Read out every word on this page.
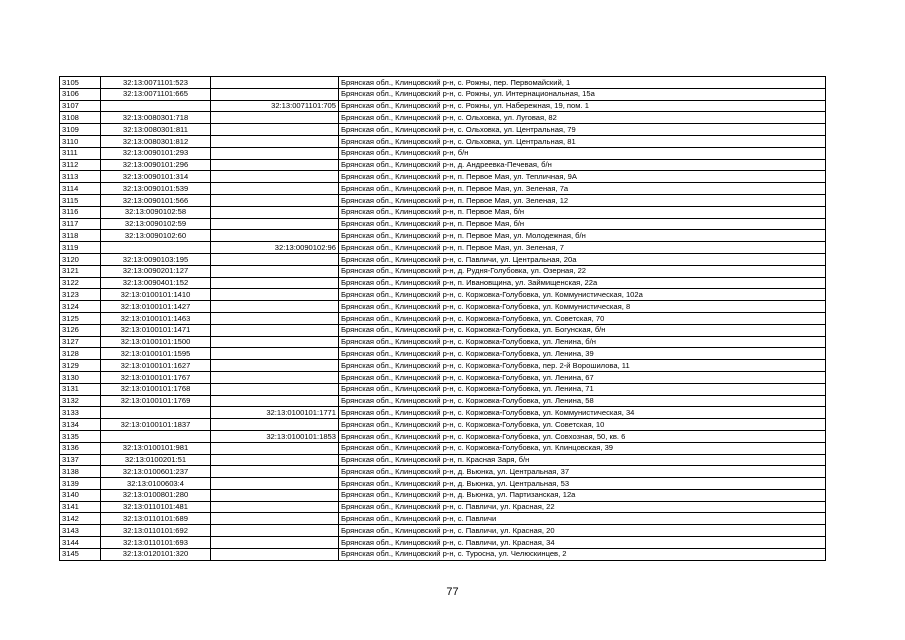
3105	32:13:0071101:523		Брянская обл., Клинцовский р-н, с. Рожны, пер. Первомайский, 1
3106	32:13:0071101:665		Брянская обл., Клинцовский р-н, с. Рожны, ул. Интернациональная, 15а
3107		32:13:0071101:705	Брянская обл., Клинцовский р-н, с. Рожны, ул. Набережная, 19, пом. 1
3108	32:13:0080301:718		Брянская обл., Клинцовский р-н, с. Ольховка, ул. Луговая, 82
3109	32:13:0080301:811		Брянская обл., Клинцовский р-н, с. Ольховка, ул. Центральная, 79
3110	32:13:0080301:812		Брянская обл., Клинцовский р-н, с. Ольховка, ул. Центральная, 81
3111	32:13:0090101:293		Брянская обл., Клинцовский р-н, б/н
3112	32:13:0090101:296		Брянская обл., Клинцовский р-н, д. Андреевка-Печевая, б/н
3113	32:13:0090101:314		Брянская обл., Клинцовский р-н, п. Первое Мая, ул. Тепличная, 9А
3114	32:13:0090101:539		Брянская обл., Клинцовский р-н, п. Первое Мая, ул. Зеленая, 7а
3115	32:13:0090101:566		Брянская обл., Клинцовский р-н, п. Первое Мая, ул. Зеленая, 12
3116	32:13:0090102:58		Брянская обл., Клинцовский р-н, п. Первое Мая, б/н
3117	32:13:0090102:59		Брянская обл., Клинцовский р-н, п. Первое Мая, б/н
3118	32:13:0090102:60		Брянская обл., Клинцовский р-н, п. Первое Мая, ул. Молодежная, б/н
3119		32:13:0090102:96	Брянская обл., Клинцовский р-н, п. Первое Мая, ул. Зеленая, 7
3120	32:13:0090103:195		Брянская обл., Клинцовский р-н, с. Павличи, ул. Центральная, 20а
3121	32:13:0090201:127		Брянская обл., Клинцовский р-н, д. Рудня-Голубовка, ул. Озерная, 22
3122	32:13:0090401:152		Брянская обл., Клинцовский р-н, п. Ивановщина, ул. Займищенская, 22а
3123	32:13:0100101:1410		Брянская обл., Клинцовский р-н, с. Коржовка-Голубовка, ул. Коммунистическая, 102а
3124	32:13:0100101:1427		Брянская обл., Клинцовский р-н, с. Коржовка-Голубовка, ул. Коммунистическая, 8
3125	32:13:0100101:1463		Брянская обл., Клинцовский р-н, с. Коржовка-Голубовка, ул. Советская, 70
3126	32:13:0100101:1471		Брянская обл., Клинцовский р-н, с. Коржовка-Голубовка, ул. Богунская, б/н
3127	32:13:0100101:1500		Брянская обл., Клинцовский р-н, с. Коржовка-Голубовка, ул. Ленина, б/н
3128	32:13:0100101:1595		Брянская обл., Клинцовский р-н, с. Коржовка-Голубовка, ул. Ленина, 39
3129	32:13:0100101:1627		Брянская обл., Клинцовский р-н, с. Коржовка-Голубовка, пер. 2-й Ворошилова, 11
3130	32:13:0100101:1767		Брянская обл., Клинцовский р-н, с. Коржовка-Голубовка, ул. Ленина, 67
3131	32:13:0100101:1768		Брянская обл., Клинцовский р-н, с. Коржовка-Голубовка, ул. Ленина, 71
3132	32:13:0100101:1769		Брянская обл., Клинцовский р-н, с. Коржовка-Голубовка, ул. Ленина, 58
3133		32:13:0100101:1771	Брянская обл., Клинцовский р-н, с. Коржовка-Голубовка, ул. Коммунистическая, 34
3134	32:13:0100101:1837		Брянская обл., Клинцовский р-н, с. Коржовка-Голубовка, ул. Советская, 10
3135		32:13:0100101:1853	Брянская обл., Клинцовский р-н, с. Коржовка-Голубовка, ул. Совхозная, 50, кв. 6
3136	32:13:0100101:981		Брянская обл., Клинцовский р-н, с. Коржовка-Голубовка, ул. Клинцовская, 39
3137	32:13:0100201:51		Брянская обл., Клинцовский р-н, п. Красная Заря, б/н
3138	32:13:0100601:237		Брянская обл., Клинцовский р-н, д. Вьюнка, ул. Центральная, 37
3139	32:13:0100603:4		Брянская обл., Клинцовский р-н, д. Вьюнка, ул. Центральная, 53
3140	32:13:0100801:280		Брянская обл., Клинцовский р-н, д. Вьюнка, ул. Партизанская, 12а
3141	32:13:0110101:481		Брянская обл., Клинцовский р-н, с. Павличи, ул. Красная, 22
3142	32:13:0110101:689		Брянская обл., Клинцовский р-н, с. Павличи
3143	32:13:0110101:692		Брянская обл., Клинцовский р-н, с. Павличи, ул. Красная, 20
3144	32:13:0110101:693		Брянская обл., Клинцовский р-н, с. Павличи, ул. Красная, 34
3145	32:13:0120101:320		Брянская обл., Клинцовский р-н, с. Туросна, ул. Челюскинцев, 2
77
